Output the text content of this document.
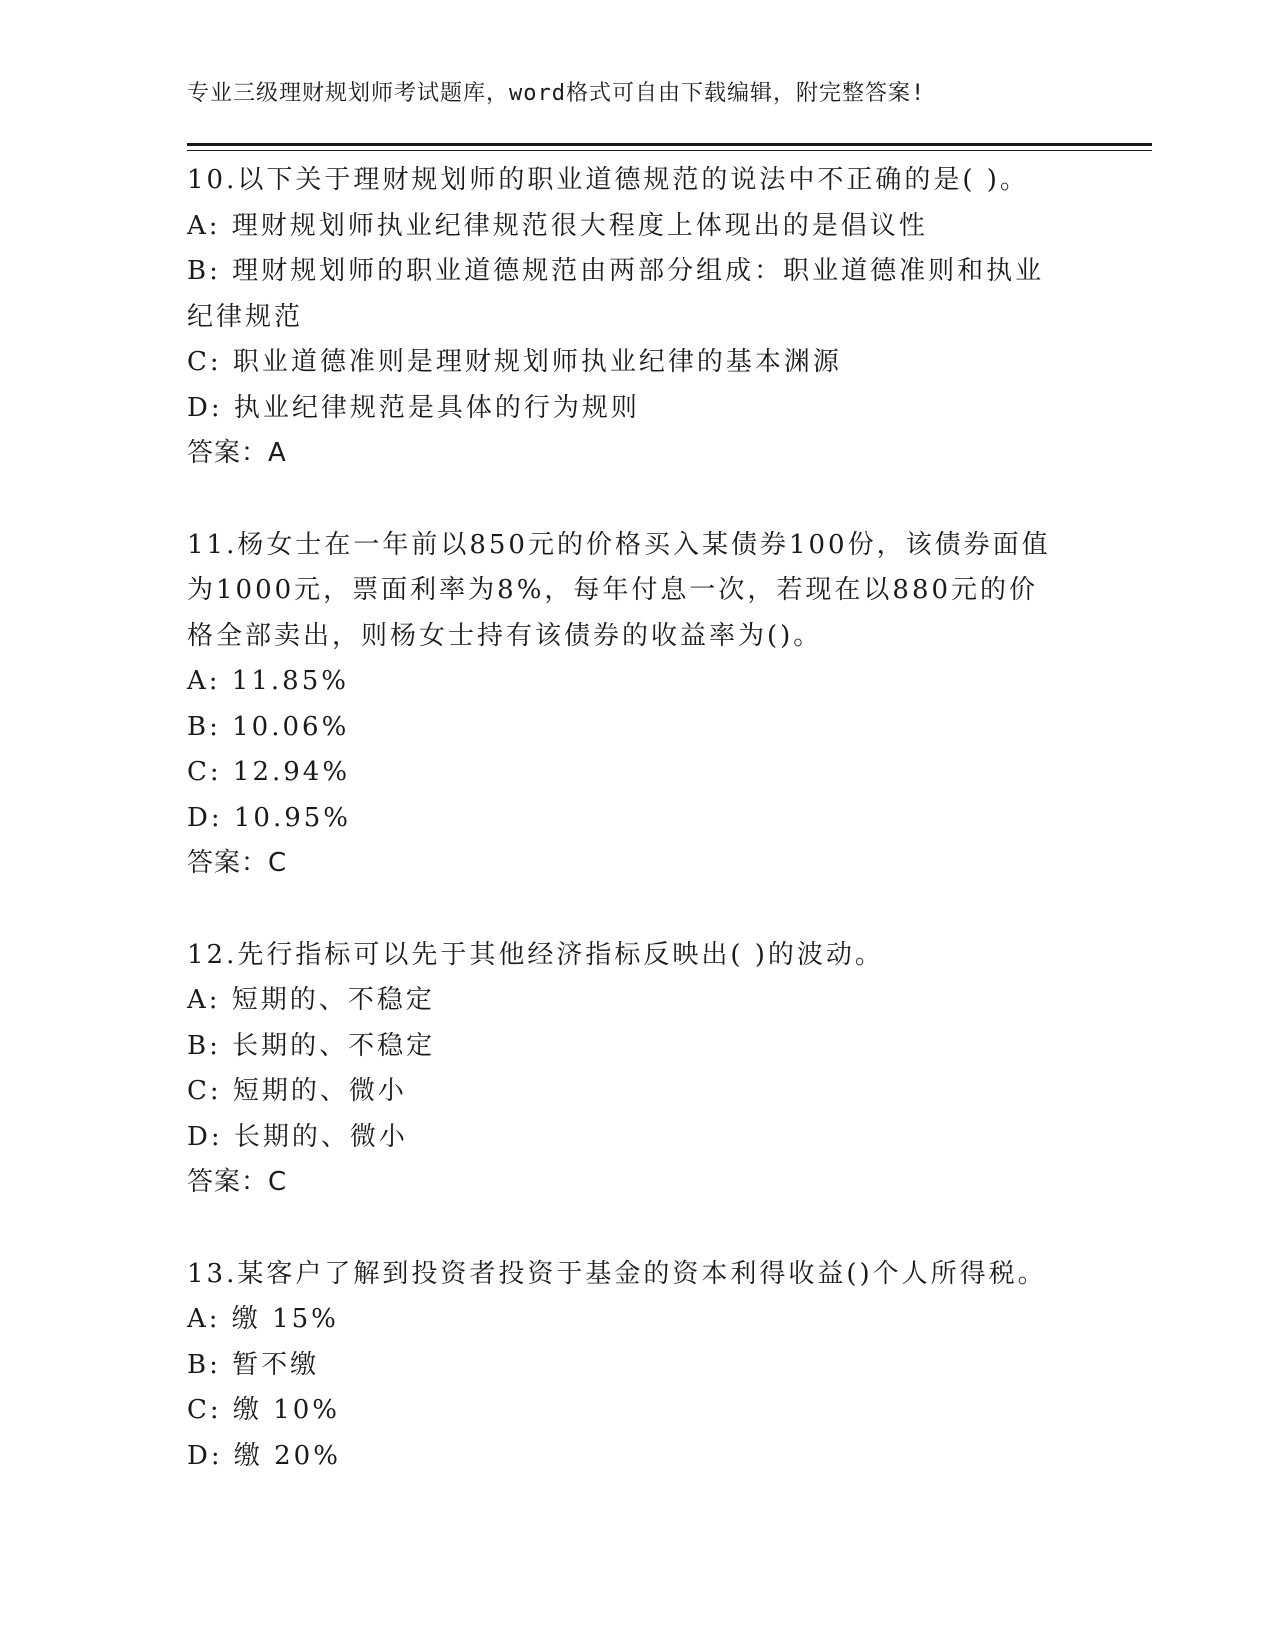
专业三级理财规划师考试题库，word格式可自由下载编辑，附完整答案!
10.以下关于理财规划师的职业道德规范的说法中不正确的是( )。
A: 理财规划师执业纪律规范很大程度上体现出的是倡议性
B: 理财规划师的职业道德规范由两部分组成：职业道德准则和执业纪律规范
C: 职业道德准则是理财规划师执业纪律的基本渊源
D: 执业纪律规范是具体的行为规则
答案：A
11.杨女士在一年前以850元的价格买入某债券100份，该债券面值为1000元，票面利率为8%，每年付息一次，若现在以880元的价格全部卖出，则杨女士持有该债券的收益率为()。
A: 11.85%
B: 10.06%
C: 12.94%
D: 10.95%
答案：C
12.先行指标可以先于其他经济指标反映出( )的波动。
A: 短期的、不稳定
B: 长期的、不稳定
C: 短期的、微小
D: 长期的、微小
答案：C
13.某客户了解到投资者投资于基金的资本利得收益()个人所得税。
A: 缴 15%
B: 暂不缴
C: 缴 10%
D: 缴 20%
